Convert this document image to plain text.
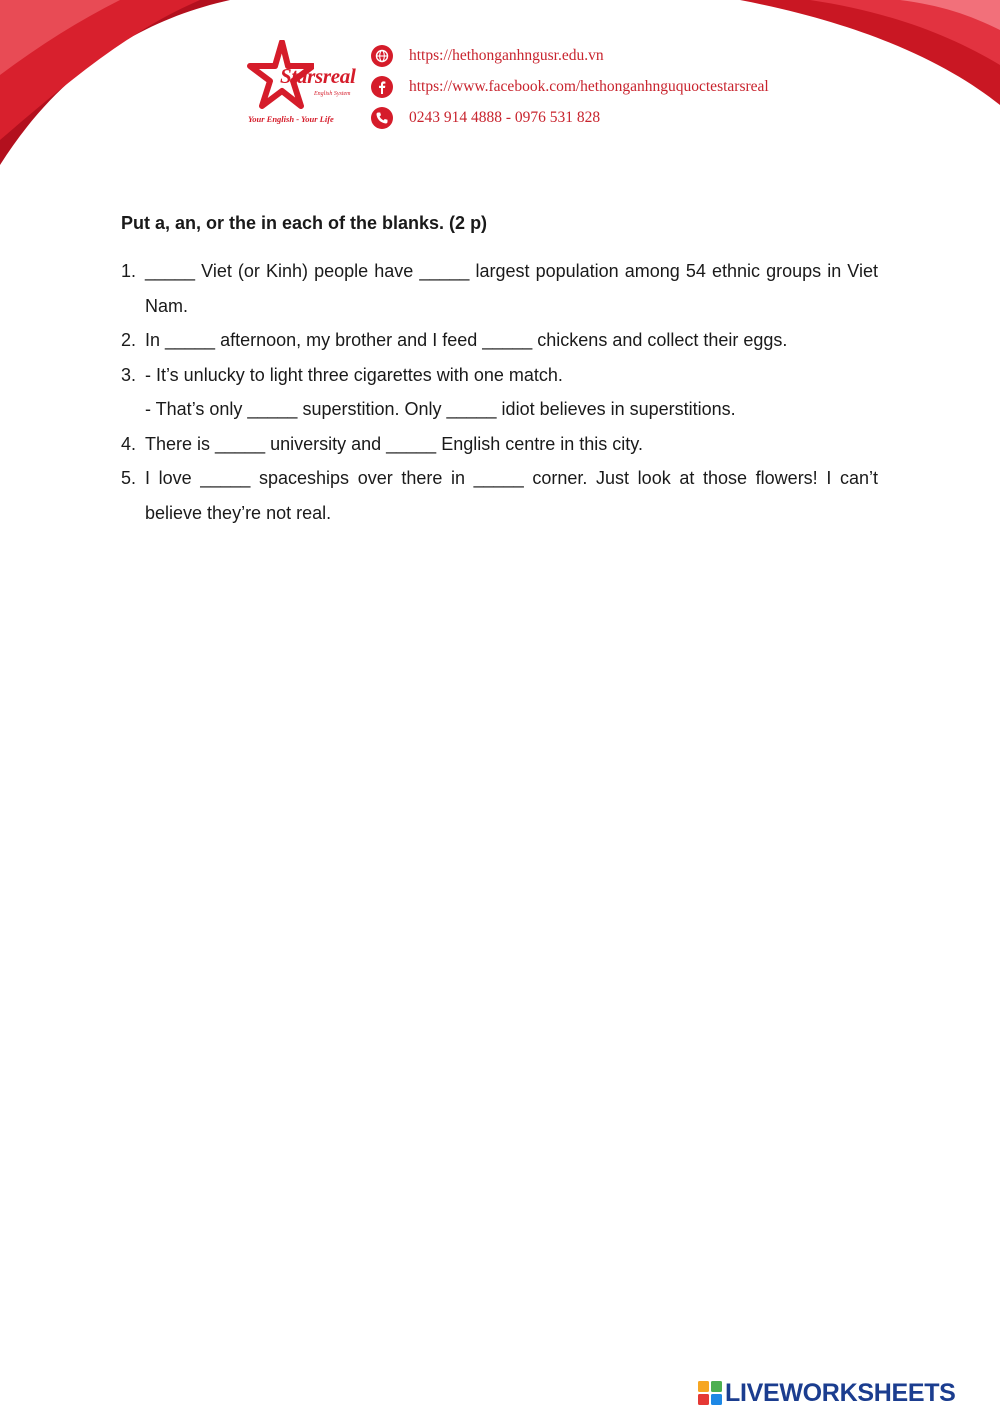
Starsreal
English System
Your English - Your Life
https://hethonganhngusr.edu.vn
https://www.facebook.com/hethonganhnguquoctestarsreal
0243 914 4888 - 0976 531 828

Put a, an, or the in each of the blanks. (2 p)

1. _____ Viet (or Kinh) people have _____ largest population among 54 ethnic groups in Viet Nam.
2. In _____ afternoon, my brother and I feed _____ chickens and collect their eggs.
3. - It’s unlucky to light three cigarettes with one match.
- That’s only _____ superstition. Only _____ idiot believes in superstitions.
4. There is _____ university and _____ English centre in this city.
5. I love _____ spaceships over there in _____ corner. Just look at those flowers! I can’t believe they’re not real.
LIVEWORKSHEETS
